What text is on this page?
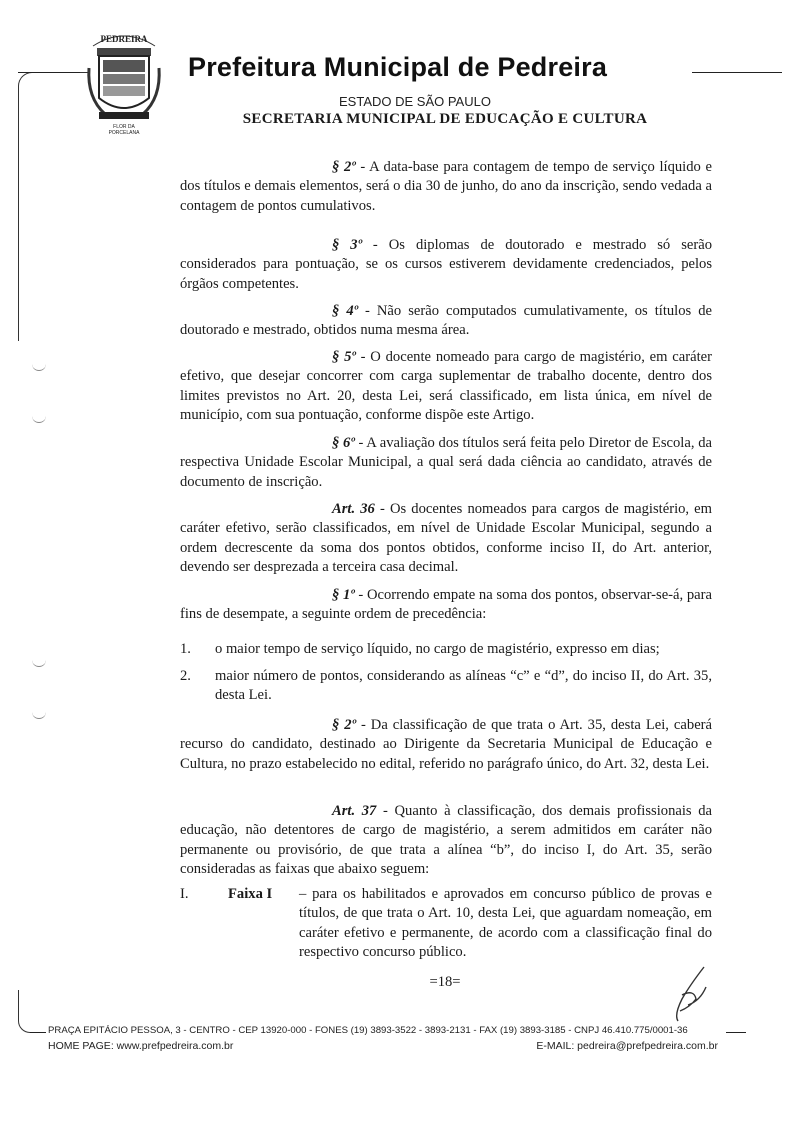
PEDREIRA
FLOR DA
PORCELANA
Prefeitura Municipal de Pedreira
ESTADO DE SÃO PAULO
SECRETARIA MUNICIPAL DE EDUCAÇÃO E CULTURA

§ 2º - A data-base para contagem de tempo de serviço líquido e dos títulos e demais elementos, será o dia 30 de junho, do ano da inscrição, sendo vedada a contagem de pontos cumulativos.

§ 3º - Os diplomas de doutorado e mestrado só serão considerados para pontuação, se os cursos estiverem devidamente credenciados, pelos órgãos competentes.

§ 4º - Não serão computados cumulativamente, os títulos de doutorado e mestrado, obtidos numa mesma área.

§ 5º - O docente nomeado para cargo de magistério, em caráter efetivo, que desejar concorrer com carga suplementar de trabalho docente, dentro dos limites previstos no Art. 20, desta Lei, será classificado, em lista única, em nível de município, com sua pontuação, conforme dispõe este Artigo.

§ 6º - A avaliação dos títulos será feita pelo Diretor de Escola, da respectiva Unidade Escolar Municipal, a qual será dada ciência ao candidato, através de documento de inscrição.

Art. 36 - Os docentes nomeados para cargos de magistério, em caráter efetivo, serão classificados, em nível de Unidade Escolar Municipal, segundo a ordem decrescente da soma dos pontos obtidos, conforme inciso II, do Art. anterior, devendo ser desprezada a terceira casa decimal.

§ 1º - Ocorrendo empate na soma dos pontos, observar-se-á, para fins de desempate, a seguinte ordem de precedência:

1. o maior tempo de serviço líquido, no cargo de magistério, expresso em dias;
2. maior número de pontos, considerando as alíneas “c” e “d”, do inciso II, do Art. 35, desta Lei.

§ 2º - Da classificação de que trata o Art. 35, desta Lei, caberá recurso do candidato, destinado ao Dirigente da Secretaria Municipal de Educação e Cultura, no prazo estabelecido no edital, referido no parágrafo único, do Art. 32, desta Lei.

Art. 37 - Quanto à classificação, dos demais profissionais da educação, não detentores de cargo de magistério, a serem admitidos em caráter não permanente ou provisório, de que trata a alínea “b”, do inciso I, do Art. 35, serão consideradas as faixas que abaixo seguem:

I.	Faixa I – para os habilitados e aprovados em concurso público de provas e títulos, de que trata o Art. 10, desta Lei, que aguardam nomeação, em caráter efetivo e permanente, de acordo com a classificação final do respectivo concurso público.
=18=
PRAÇA EPITÁCIO PESSOA, 3 - CENTRO - CEP 13920-000 - FONES (19) 3893-3522 - 3893-2131 - FAX (19) 3893-3185 - CNPJ 46.410.775/0001-36
HOME PAGE: www.prefpedreira.com.br	E-MAIL: pedreira@prefpedreira.com.br
